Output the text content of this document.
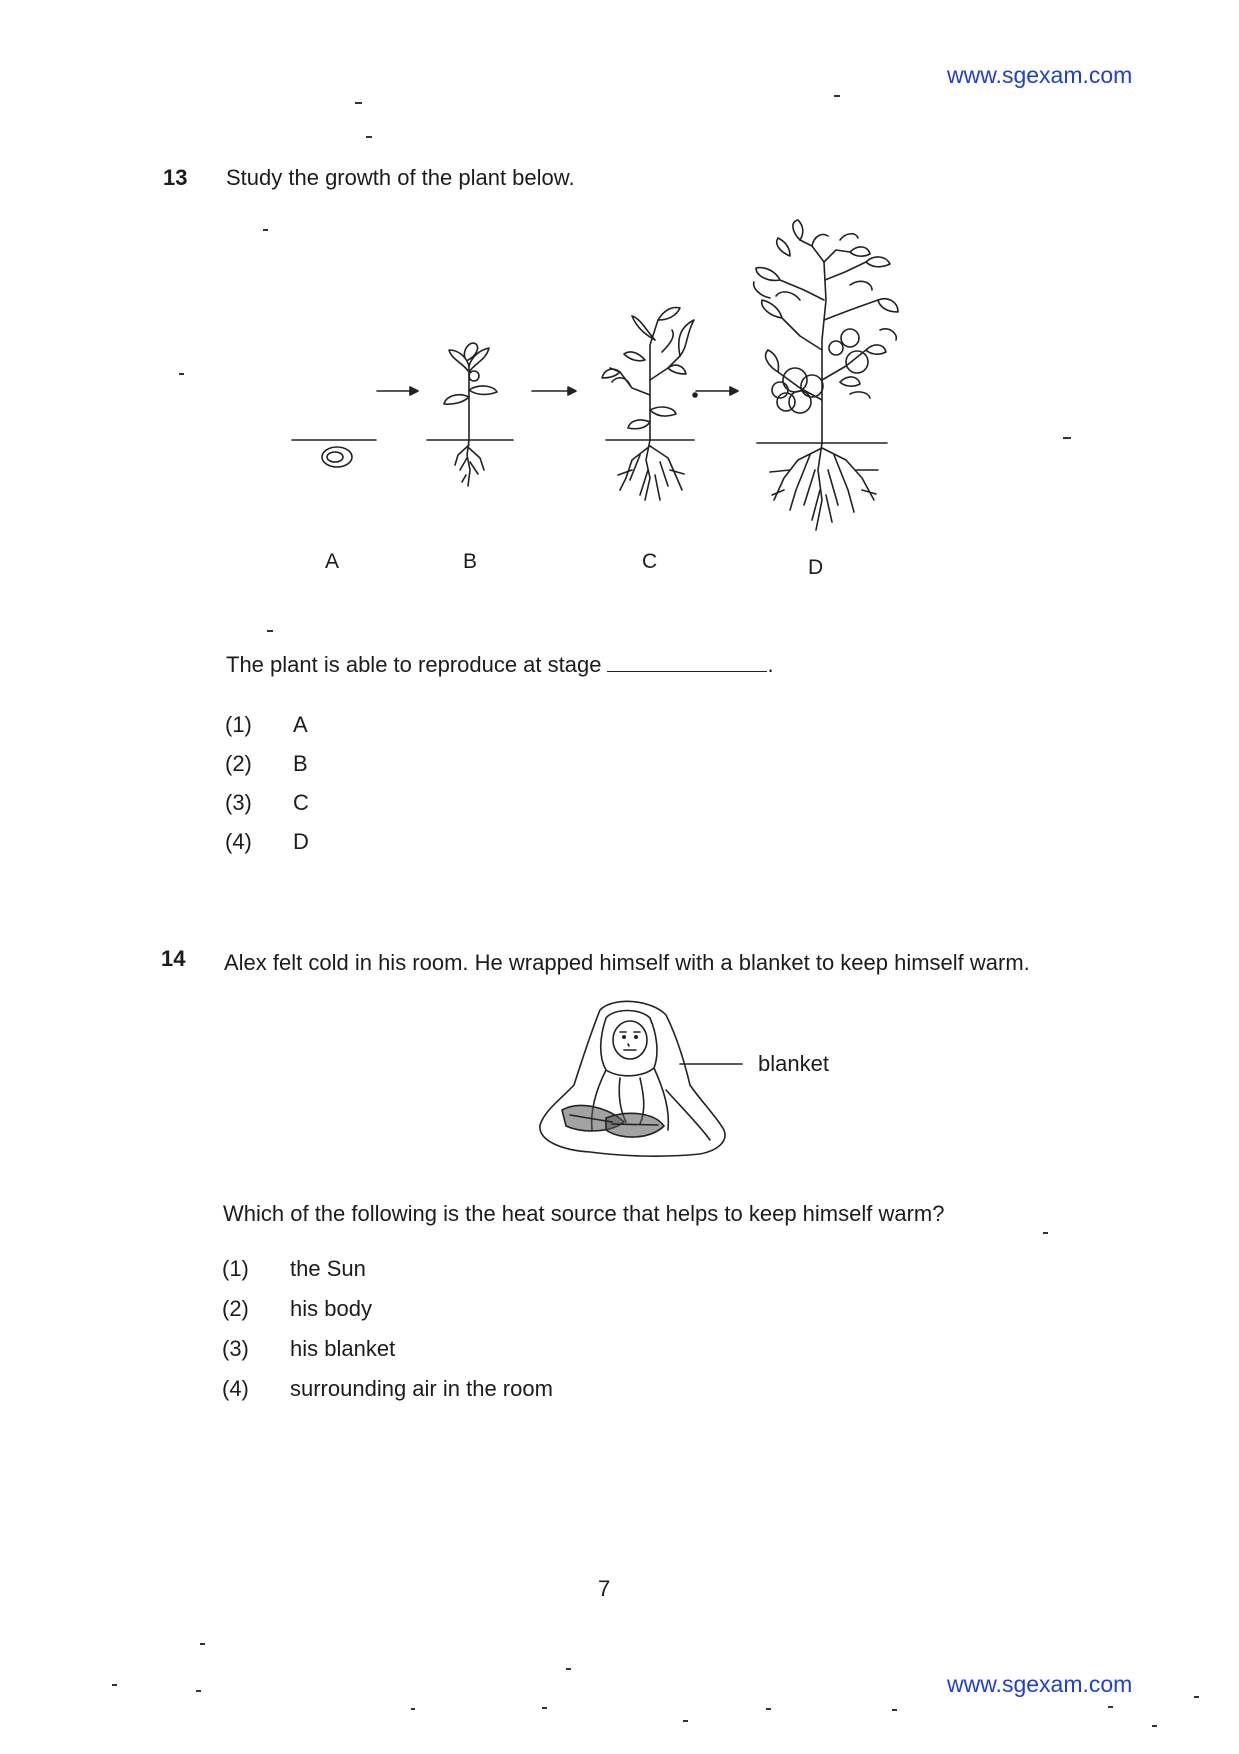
www.sgexam.com
13 Study the growth of the plant below.
A	B	C	D
The plant is able to reproduce at stage	.
(1) A
(2) B
(3) C
(4) D
14 Alex felt cold in his room. He wrapped himself with a blanket to keep himself warm.
blanket
Which of the following is the heat source that helps to keep himself warm?
(1) the Sun
(2) his body
(3) his blanket
(4) surrounding air in the room
7
www.sgexam.com
